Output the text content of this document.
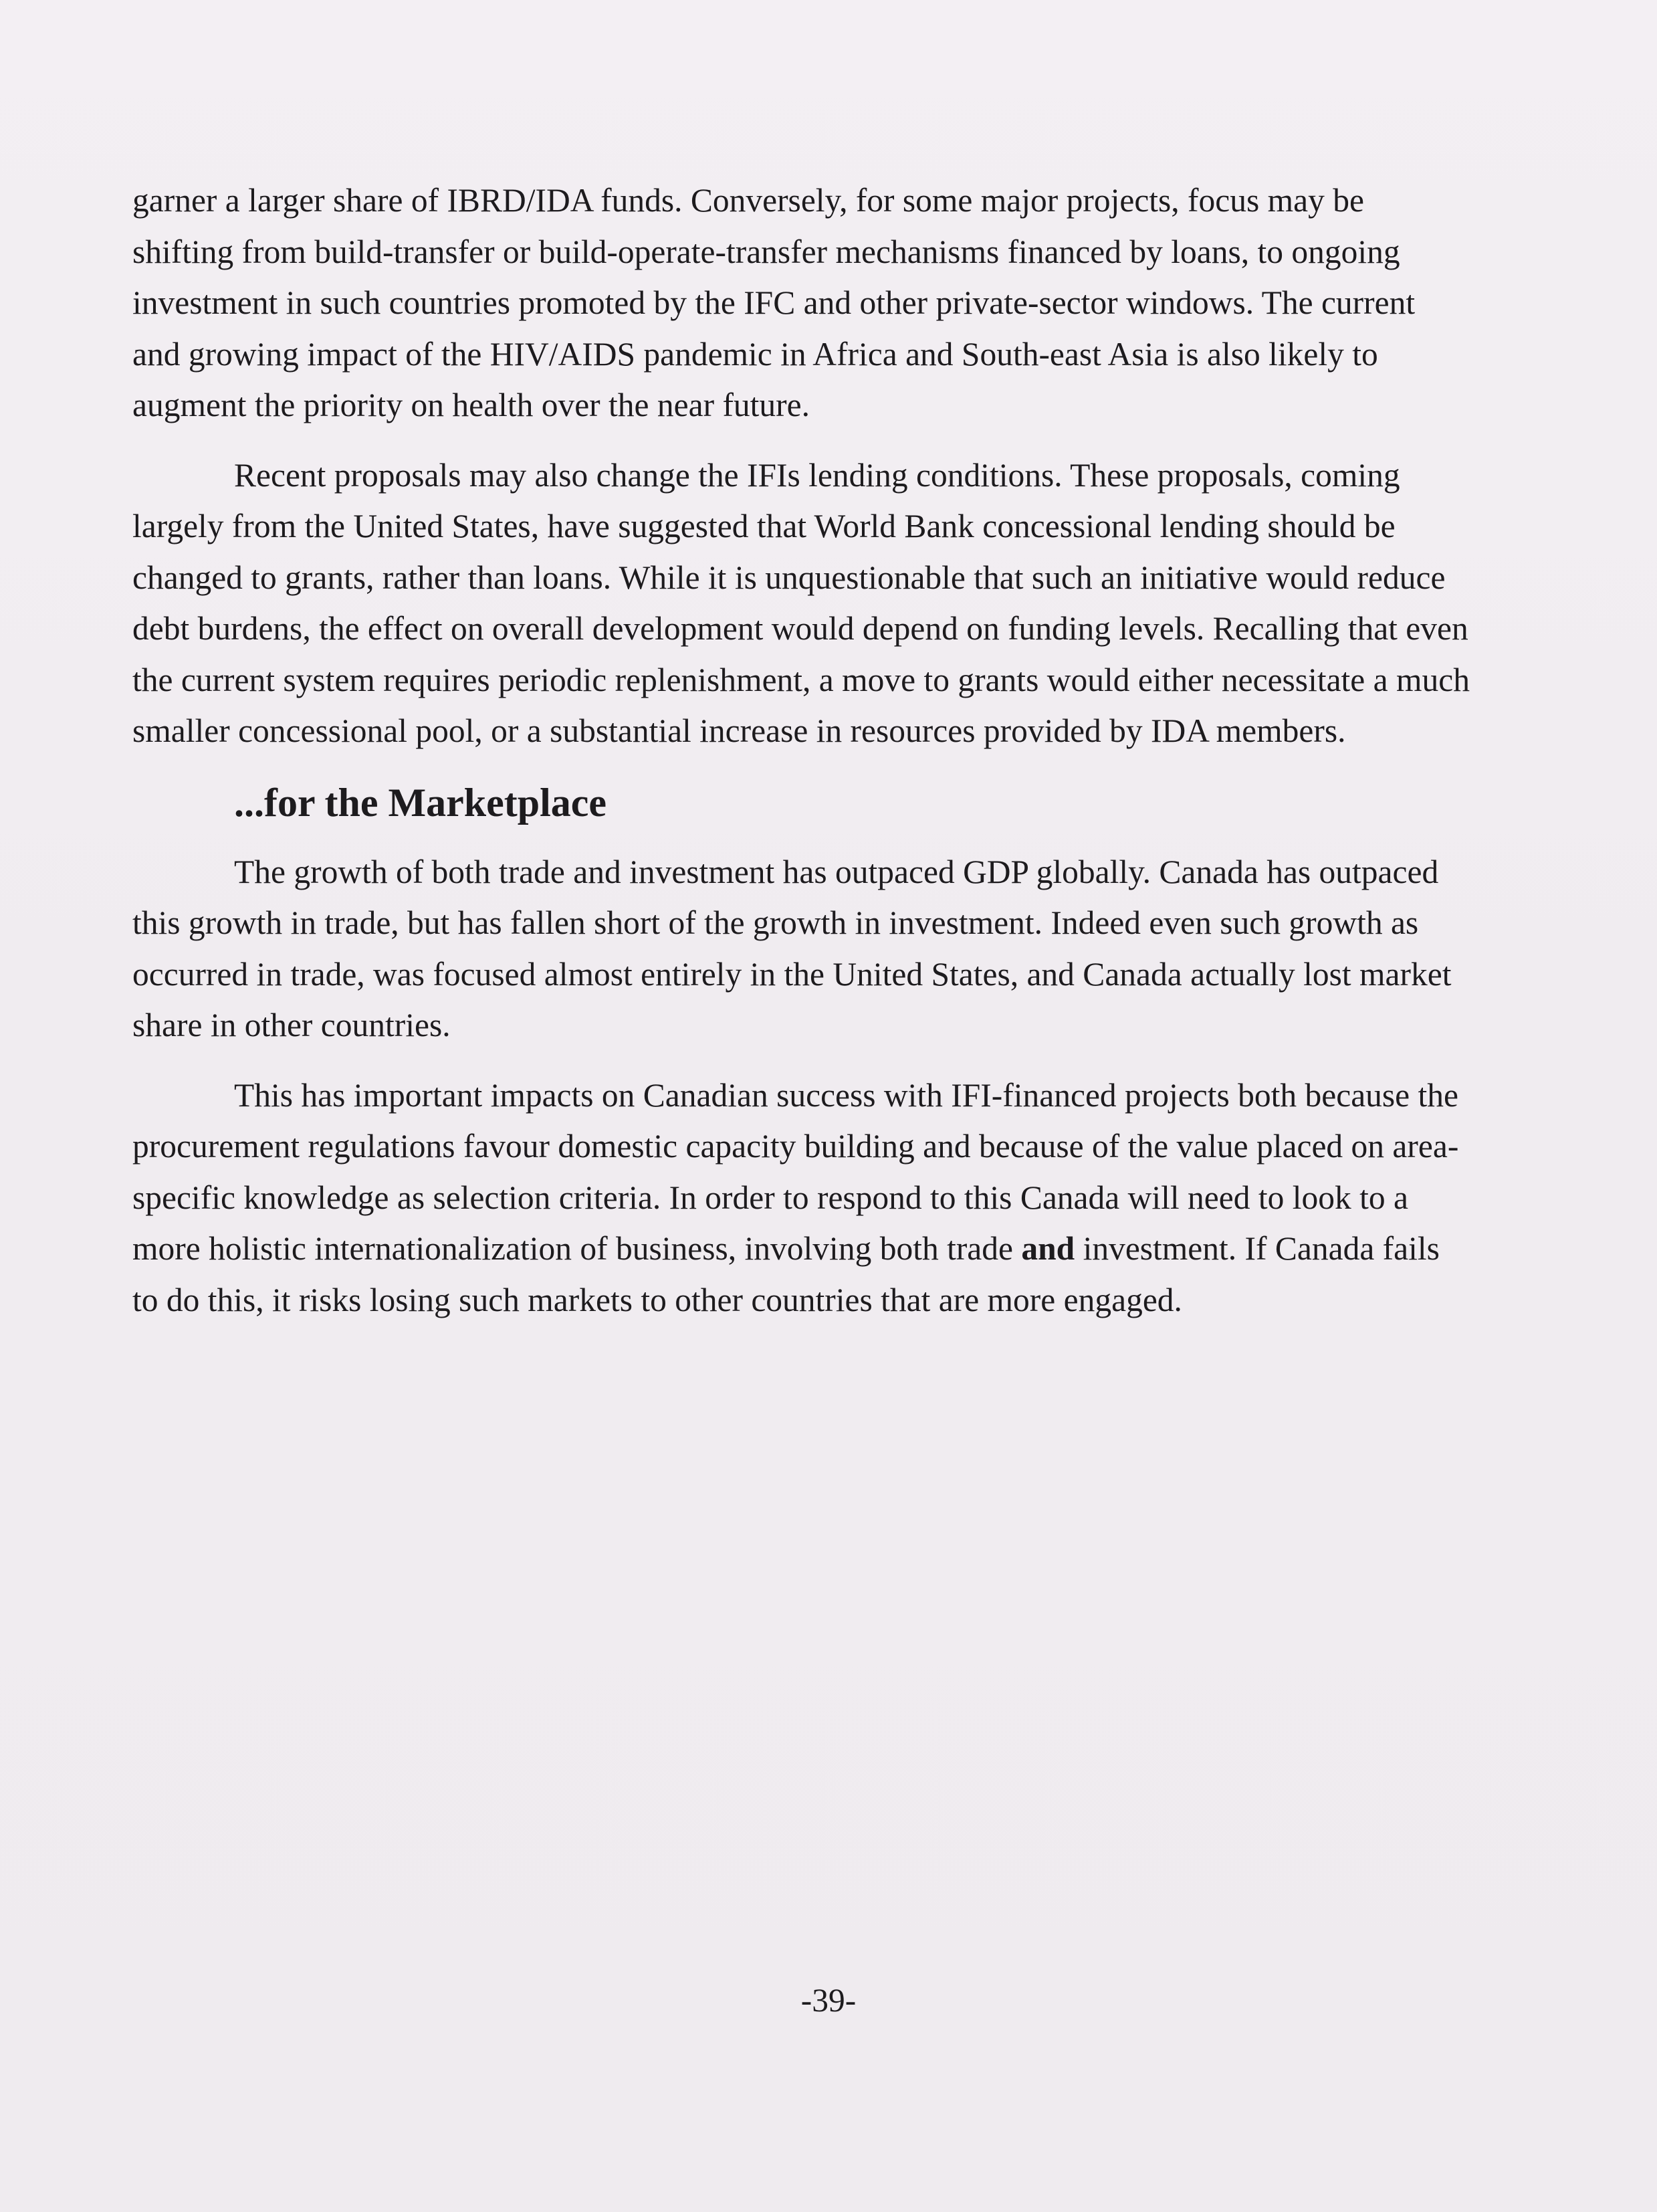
garner a larger share of IBRD/IDA funds. Conversely, for some major projects, focus may be shifting from build-transfer or build-operate-transfer mechanisms financed by loans, to ongoing investment in such countries promoted by the IFC and other private-sector windows. The current and growing impact of the HIV/AIDS pandemic in Africa and South-east Asia is also likely to augment the priority on health over the near future.

Recent proposals may also change the IFIs lending conditions. These proposals, coming largely from the United States, have suggested that World Bank concessional lending should be changed to grants, rather than loans. While it is unquestionable that such an initiative would reduce debt burdens, the effect on overall development would depend on funding levels. Recalling that even the current system requires periodic replenishment, a move to grants would either necessitate a much smaller concessional pool, or a substantial increase in resources provided by IDA members.

...for the Marketplace

The growth of both trade and investment has outpaced GDP globally. Canada has outpaced this growth in trade, but has fallen short of the growth in investment. Indeed even such growth as occurred in trade, was focused almost entirely in the United States, and Canada actually lost market share in other countries.

This has important impacts on Canadian success with IFI-financed projects both because the procurement regulations favour domestic capacity building and because of the value placed on area-specific knowledge as selection criteria. In order to respond to this Canada will need to look to a more holistic internationalization of business, involving both trade and investment. If Canada fails to do this, it risks losing such markets to other countries that are more engaged.

-39-
